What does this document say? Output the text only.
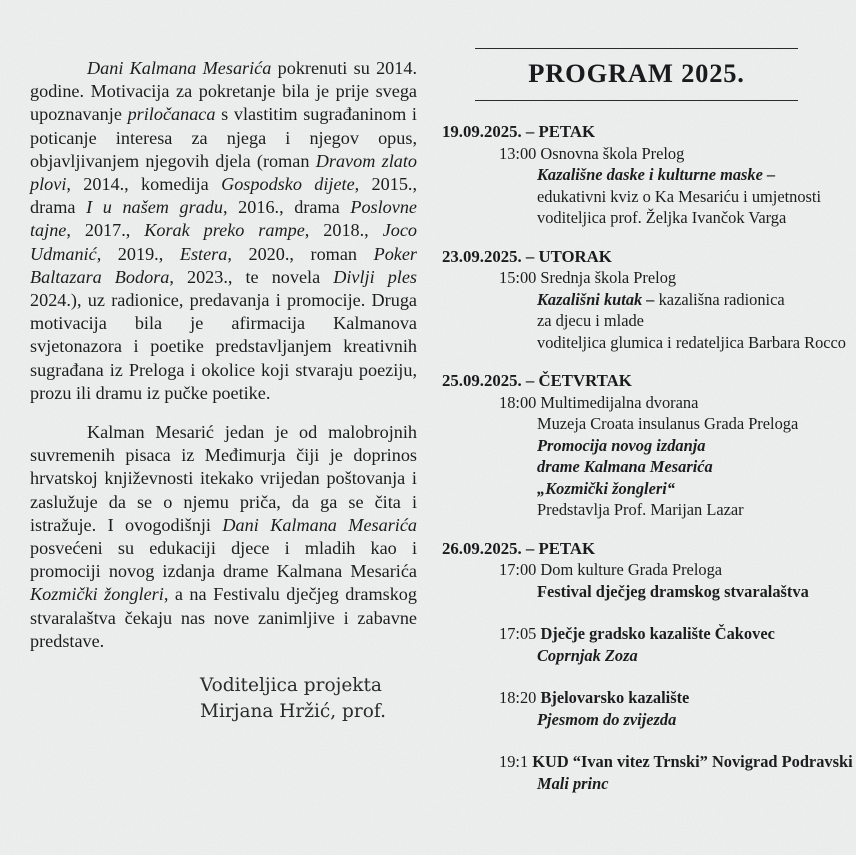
Dani Kalmana Mesarića pokrenuti su 2014. godine. Motivacija za pokretanje bila je prije svega upoznavanje priločanaca s vlastitim sugrađaninom i poticanje interesa za njega i njegov opus, objavljivanjem njegovih djela (roman Dravom zlato plovi, 2014., komedija Gospodsko dijete, 2015., drama I u našem gradu, 2016., drama Poslovne tajne, 2017., Korak preko rampe, 2018., Joco Udmanić, 2019., Estera, 2020., roman Poker Baltazara Bodora, 2023., te novela Divlji ples 2024.), uz radionice, predavanja i promocije. Druga motivacija bila je afirmacija Kalmanova svjetonazora i poetike predstavljanjem kreativnih sugrađana iz Preloga i okolice koji stvaraju poeziju, prozu ili dramu iz pučke poetike.

Kalman Mesarić jedan je od malobrojnih suvremenih pisaca iz Međimurja čiji je doprinos hrvatskoj književnosti itekako vrijedan poštovanja i zaslužuje da se o njemu priča, da ga se čita i istražuje. I ovogodišnji Dani Kalmana Mesarića posvećeni su edukaciji djece i mladih kao i promociji novog izdanja drame Kalmana Mesarića Kozmički žongleri, a na Festivalu dječjeg dramskog stvaralaštva čekaju nas nove zanimljive i zabavne predstave.

Voditeljica projekta
Mirjana Hržić, prof.
PROGRAM 2025.
19.09.2025. – PETAK
13:00 Osnovna škola Prelog
Kazališne daske i kulturne maske –
edukativni kviz o Ka Mesariću i umjetnosti
voditeljica prof. Željka Ivančok Varga
23.09.2025. – UTORAK
15:00 Srednja škola Prelog
Kazališni kutak – kazališna radionica
za djecu i mlade
voditeljica glumica i redateljica Barbara Rocco
25.09.2025. – ČETVRTAK
18:00 Multimedijalna dvorana
Muzeja Croata insulanus Grada Preloga
Promocija novog izdanja
drame Kalmana Mesarića
„Kozmički žongleri“
Predstavlja Prof. Marijan Lazar
26.09.2025. – PETAK
17:00 Dom kulture Grada Preloga
Festival dječjeg dramskog stvaralaštva
17:05 Dječje gradsko kazalište Čakovec
Coprnjak Zoza
18:20 Bjelovarsko kazalište
Pjesmom do zvijezda
19:1 KUD “Ivan vitez Trnski” Novigrad Podravski
Mali princ
